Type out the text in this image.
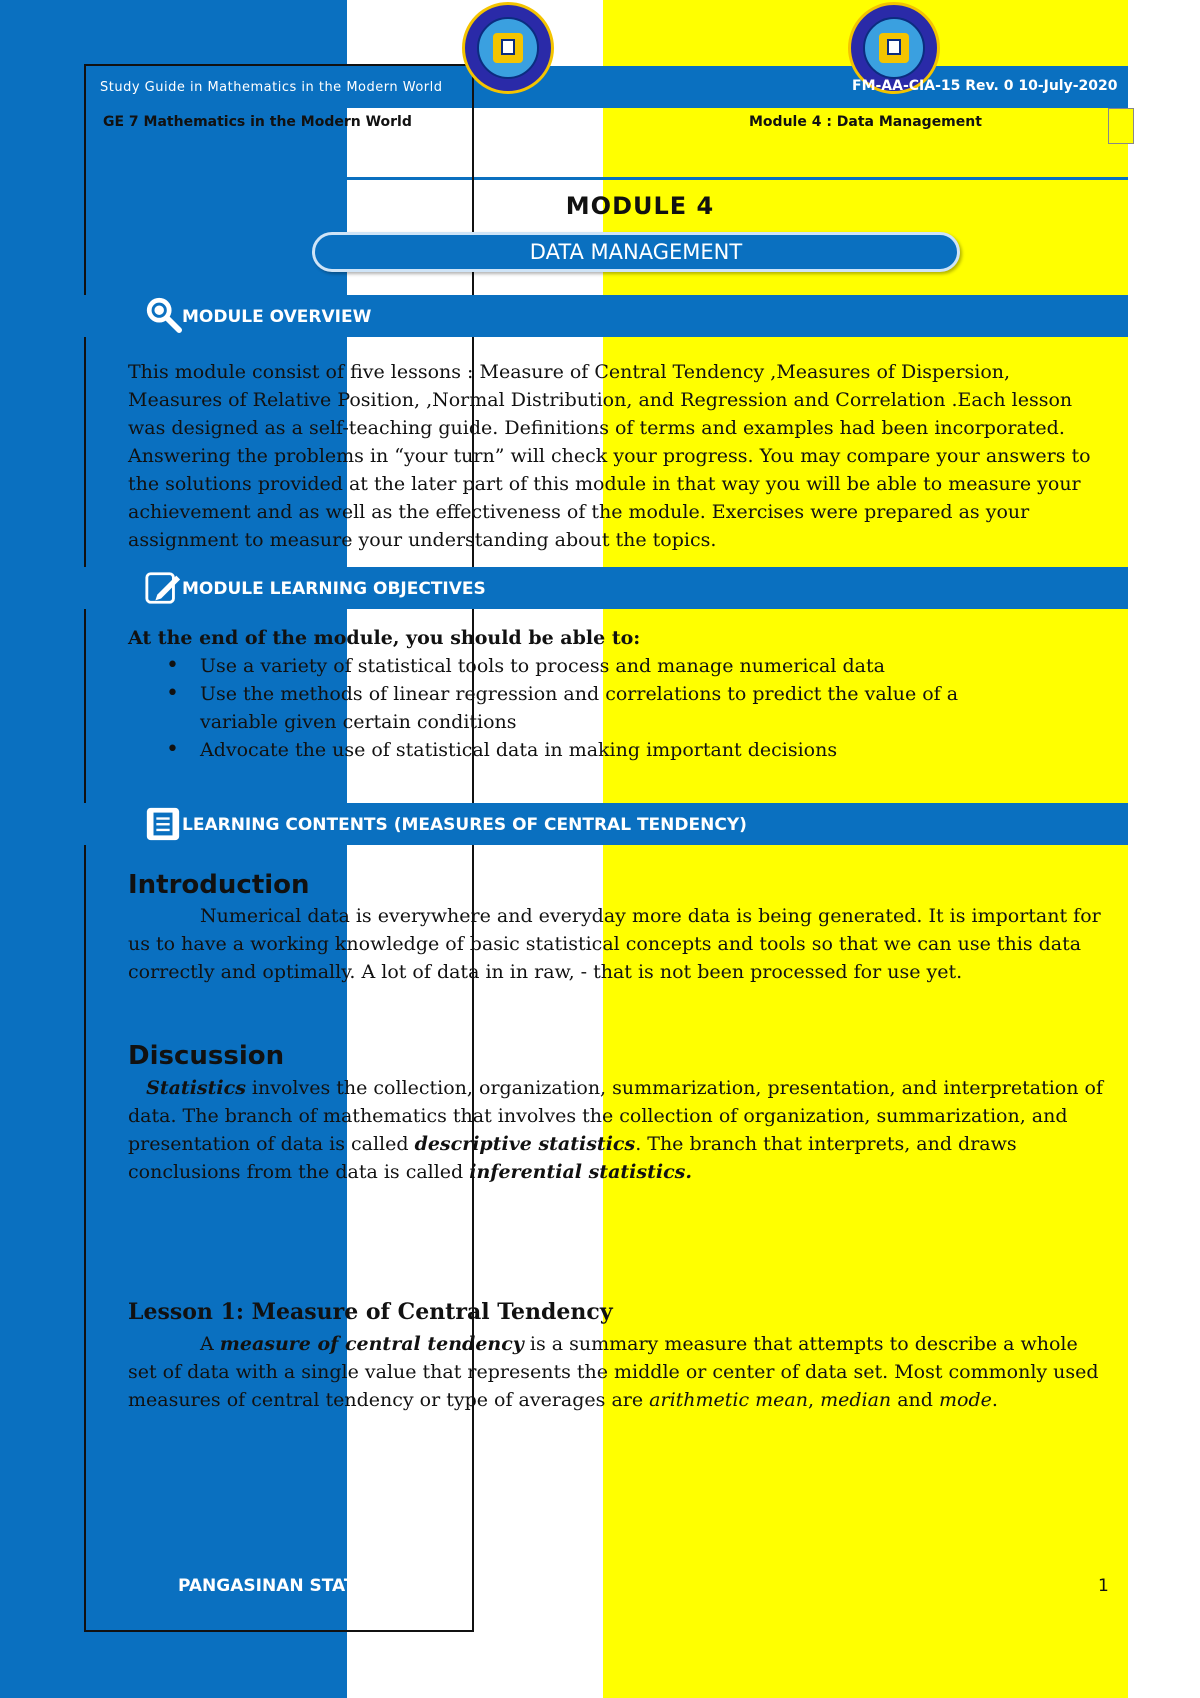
Study Guide in Mathematics in the Modern World	FM-AA-CIA-15 Rev. 0 10-July-2020
GE 7 Mathematics in the Modern World	Module 4 : Data Management
MODULE 4
DATA MANAGEMENT
MODULE OVERVIEW

This module consist of five lessons : Measure of Central Tendency ,Measures of Dispersion,

Measures of Relative Position, ,Normal Distribution, and Regression and Correlation .Each lesson

was designed as a self-teaching guide. Definitions of terms and examples had been incorporated.

Answering the problems in “your turn” will check your progress. You may compare your answers to

the solutions provided at the later part of this module in that way you will be able to measure your

achievement and as well as the effectiveness of the module. Exercises were prepared as your

assignment to measure your understanding about the topics.

MODULE LEARNING OBJECTIVES

At the end of the module, you should be able to:

• Use a variety of statistical tools to process and manage numerical data
• Use the methods of linear regression and correlations to predict the value of a variable given certain conditions
• Advocate the use of statistical data in making important decisions
LEARNING CONTENTS (MEASURES OF CENTRAL TENDENCY)
Introduction

Numerical data is everywhere and everyday more data is being generated. It is important for us to have a working knowledge of basic statistical concepts and tools so that we can use this data correctly and optimally. A lot of data in in raw, - that is not been processed for use yet.

Discussion

Statistics involves the collection, organization, summarization, presentation, and interpretation of data. The branch of mathematics that involves the collection of organization, summarization, and presentation of data is called descriptive statistics. The branch that interprets, and draws conclusions from the data is called inferential statistics.

Lesson 1: Measure of Central Tendency

A measure of central tendency is a summary measure that attempts to describe a whole set of data with a single value that represents the middle or center of data set. Most commonly used measures of central tendency or type of averages are arithmetic mean, median and mode.

PANGASINAN STAT	1
